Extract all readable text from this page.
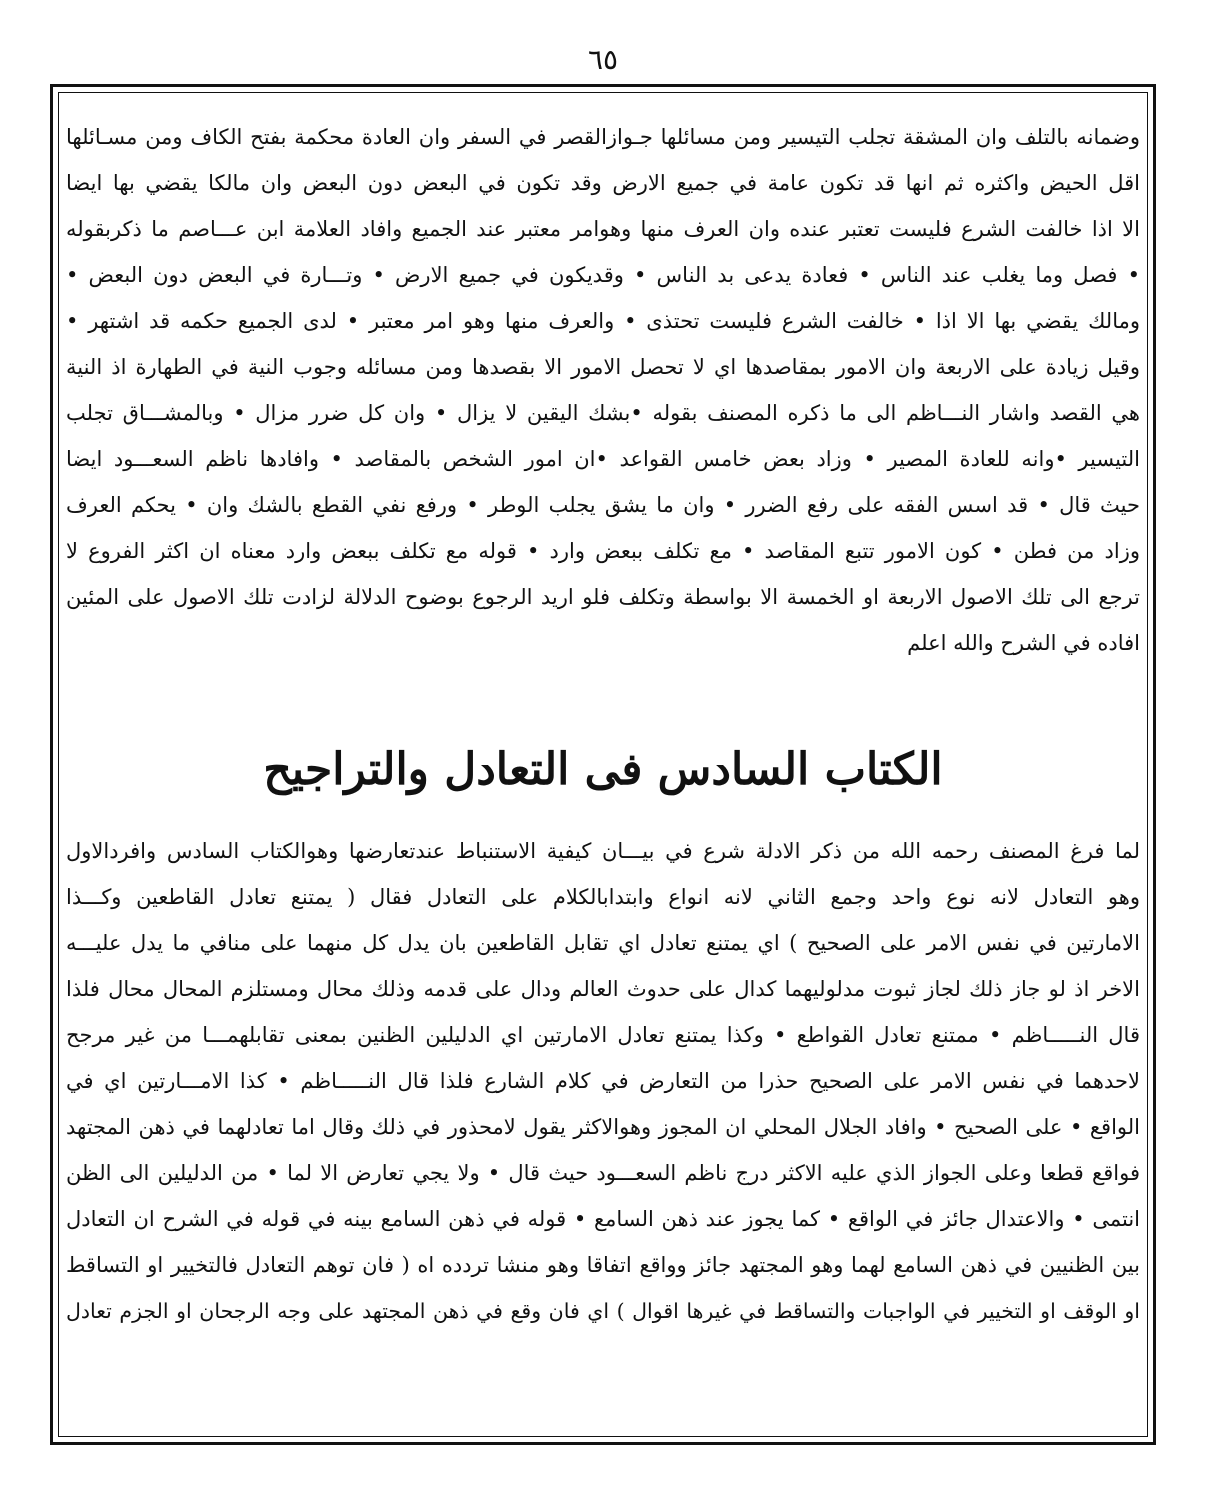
٦٥
وضمانه بالتلف وان المشقة تجلب التيسير ومن مسائلها جـوازالقصر في السفر وان العادة محكمة بفتح الكاف ومن مسـائلها
اقل الحيض واكثره ثم انها قد تكون عامة في جميع الارض وقد تكون في البعض دون البعض وان مالكا يقضي بها ايضا
الا اذا خالفت الشرع فليست تعتبر عنده وان العرف منها وهوامر معتبر عند الجميع وافاد العلامة ابن عـــاصم ما ذكربقوله
• فصل وما يغلب عند الناس • فعادة يدعى بد الناس • وقديكون في جميع الارض • وتـــارة في البعض دون البعض •
ومالك يقضي بها الا اذا • خالفت الشرع فليست تحتذى • والعرف منها وهو امر معتبر • لدى الجميع حكمه قد اشتهر •
وقيل زيادة على الاربعة وان الامور بمقاصدها اي لا تحصل الامور الا بقصدها ومن مسائله وجوب النية في الطهارة اذ النية
هي القصد واشار النـــاظم الى ما ذكره المصنف بقوله •بشك اليقين لا يزال • وان كل ضرر مزال • وبالمشـــاق تجلب
التيسير •وانه للعادة المصير • وزاد بعض خامس القواعد •ان امور الشخص بالمقاصد • وافادها ناظم السعـــود ايضا
حيث قال • قد اسس الفقه على رفع الضرر • وان ما يشق يجلب الوطر • ورفع نفي القطع بالشك وان • يحكم العرف
وزاد من فطن • كون الامور تتبع المقاصد • مع تكلف ببعض وارد • قوله مع تكلف ببعض وارد معناه ان اكثر الفروع لا
ترجع الى تلك الاصول الاربعة او الخمسة الا بواسطة وتكلف فلو اريد الرجوع بوضوح الدلالة لزادت تلك الاصول على المئين
افاده في الشرح والله اعلم
الكتاب السادس فى التعادل والتراجيح
لما فرغ المصنف رحمه الله من ذكر الادلة شرع في بيـــان كيفية الاستنباط عندتعارضها وهوالكتاب السادس وافردالاول
وهو التعادل لانه نوع واحد وجمع الثاني لانه انواع وابتدابالكلام على التعادل فقال ( يمتنع تعادل القاطعين وكـــذا
الامارتين في نفس الامر على الصحيح ) اي يمتنع تعادل اي تقابل القاطعين بان يدل كل منهما على منافي ما يدل عليـــه
الاخر اذ لو جاز ذلك لجاز ثبوت مدلوليهما كدال على حدوث العالم ودال على قدمه وذلك محال ومستلزم المحال محال فلذا
قال النـــــاظم • ممتنع تعادل القواطع • وكذا يمتنع تعادل الامارتين اي الدليلين الظنين بمعنى تقابلهمـــا من غير مرجح
لاحدهما في نفس الامر على الصحيح حذرا من التعارض في كلام الشارع فلذا قال النـــــاظم • كذا الامـــارتين اي في
الواقع • على الصحيح • وافاد الجلال المحلي ان المجوز وهوالاكثر يقول لامحذور في ذلك وقال اما تعادلهما في ذهن المجتهد
فواقع قطعا وعلى الجواز الذي عليه الاكثر درج ناظم السعـــود حيث قال • ولا يجي تعارض الا لما • من الدليلين الى الظن
انتمى • والاعتدال جائز في الواقع • كما يجوز عند ذهن السامع • قوله في ذهن السامع بينه في قوله في الشرح ان التعادل
بين الظنيين في ذهن السامع لهما وهو المجتهد جائز وواقع اتفاقا وهو منشا تردده اه ( فان توهم التعادل فالتخيير او التساقط
او الوقف او التخيير في الواجبات والتساقط في غيرها اقوال ) اي فان وقع في ذهن المجتهد على وجه الرجحان او الجزم تعادل
